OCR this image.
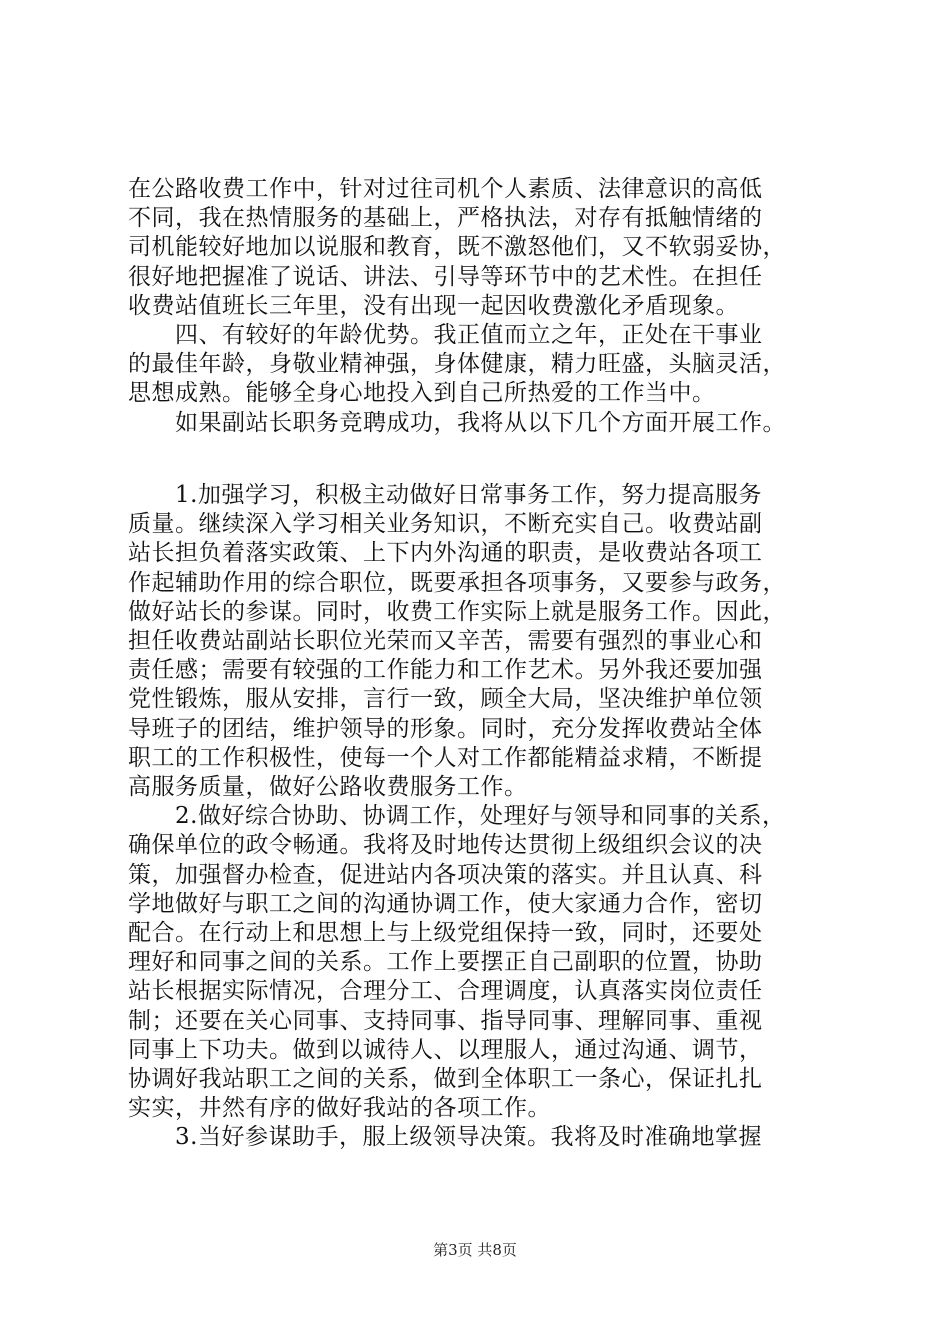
在公路收费工作中，针对过往司机个人素质、法律意识的高低

不同，我在热情服务的基础上，严格执法，对存有抵触情绪的

司机能较好地加以说服和教育，既不激怒他们，又不软弱妥协，

很好地把握准了说话、讲法、引导等环节中的艺术性。在担任

收费站值班长三年里，没有出现一起因收费激化矛盾现象。

　　四、有较好的年龄优势。我正值而立之年，正处在干事业

的最佳年龄，身敬业精神强，身体健康，精力旺盛，头脑灵活，

思想成熟。能够全身心地投入到自己所热爱的工作当中。

　　如果副站长职务竞聘成功，我将从以下几个方面开展工作。

　　1.加强学习，积极主动做好日常事务工作，努力提高服务

质量。继续深入学习相关业务知识，不断充实自己。收费站副

站长担负着落实政策、上下内外沟通的职责，是收费站各项工

作起辅助作用的综合职位，既要承担各项事务，又要参与政务，

做好站长的参谋。同时，收费工作实际上就是服务工作。因此，

担任收费站副站长职位光荣而又辛苦，需要有强烈的事业心和

责任感；需要有较强的工作能力和工作艺术。另外我还要加强

党性锻炼，服从安排，言行一致，顾全大局，坚决维护单位领

导班子的团结，维护领导的形象。同时，充分发挥收费站全体

职工的工作积极性，使每一个人对工作都能精益求精，不断提

高服务质量，做好公路收费服务工作。

　　2.做好综合协助、协调工作，处理好与领导和同事的关系，

确保单位的政令畅通。我将及时地传达贯彻上级组织会议的决

策，加强督办检查，促进站内各项决策的落实。并且认真、科

学地做好与职工之间的沟通协调工作，使大家通力合作，密切

配合。在行动上和思想上与上级党组保持一致，同时，还要处

理好和同事之间的关系。工作上要摆正自己副职的位置，协助

站长根据实际情况，合理分工、合理调度，认真落实岗位责任

制；还要在关心同事、支持同事、指导同事、理解同事、重视

同事上下功夫。做到以诚待人、以理服人，通过沟通、调节，

协调好我站职工之间的关系，做到全体职工一条心，保证扎扎

实实，井然有序的做好我站的各项工作。

　　3.当好参谋助手，服上级领导决策。我将及时准确地掌握

第3页 共8页
